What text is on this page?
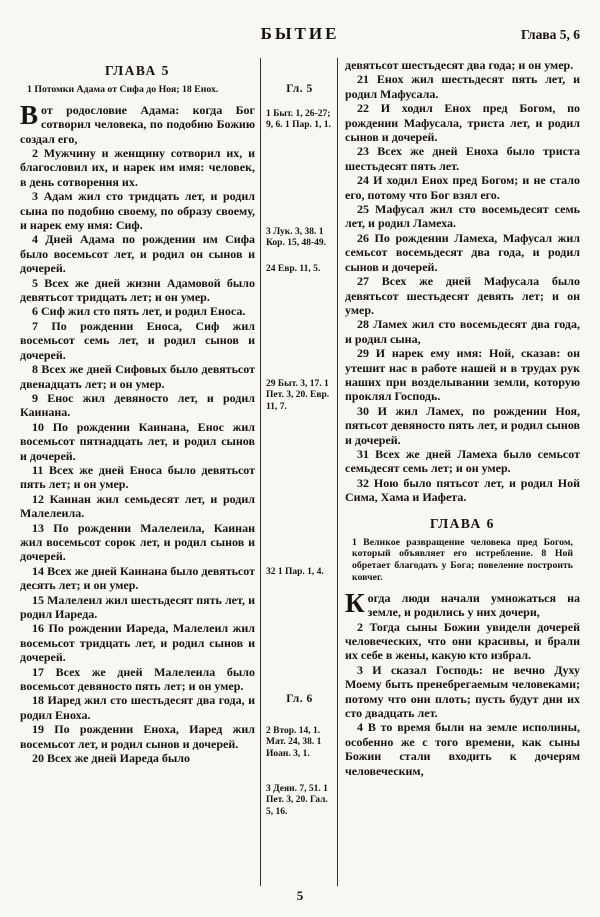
БЫТИЕ	Глава 5, 6
ГЛАВА 5

1 Потомки Адама от Сифа до Ноя; 18 Енох.

Вот родословие Адама: когда Бог сотворил человека, по подобию Божию создал его,

2 Мужчину и женщину сотворил их, и благословил их, и нарек им имя: человек, в день сотворения их.

3 Адам жил сто тридцать лет, и родил сына по подобию своему, по образу своему, и нарек ему имя: Сиф.

4 Дней Адама по рождении им Сифа было восемьсот лет, и родил он сынов и дочерей.

5 Всех же дней жизни Адамовой было девятьсот тридцать лет; и он умер.

6 Сиф жил сто пять лет, и родил Еноса.

7 По рождении Еноса, Сиф жил восемьсот семь лет, и родил сынов и дочерей.

8 Всех же дней Сифовых было девятьсот двенадцать лет; и он умер.

9 Енос жил девяносто лет, и родил Каинана.

10 По рождении Каинана, Енос жил восемьсот пятнадцать лет, и родил сынов и дочерей.

11 Всех же дней Еноса было девятьсот пять лет; и он умер.

12 Каинан жил семьдесят лет, и родил Малелеила.

13 По рождении Малелеила, Каинан жил восемьсот сорок лет, и родил сынов и дочерей.

14 Всех же дней Каинана было девятьсот десять лет; и он умер.

15 Малелеил жил шестьдесят пять лет, и родил Иареда.

16 По рождении Иареда, Малелеил жил восемьсот тридцать лет, и родил сынов и дочерей.

17 Всех же дней Малелеила было восемьсот девяносто пять лет; и он умер.

18 Иаред жил сто шестьдесят два года, и родил Еноха.

19 По рождении Еноха, Иаред жил восемьсот лет, и родил сынов и дочерей.

20 Всех же дней Иареда было

Гл. 5
1 Быт. 1, 26-27; 9, 6. 1 Пар. 1, 1.
3 Лук. 3, 38. 1 Кор. 15, 48-49.
24 Евр. 11, 5.
29 Быт. 3, 17. 1 Пет. 3, 20. Евр. 11, 7.
32 1 Пар. 1, 4.
Гл. 6
2 Втор. 14, 1. Мат. 24, 38. 1 Иоан. 3, 1.
3 Деян. 7, 51. 1 Пет. 3, 20. Гал. 5, 16.

девятьсот шестьдесят два года; и он умер.

21 Енох жил шестьдесят пять лет, и родил Мафусала.

22 И ходил Енох пред Богом, по рождении Мафусала, триста лет, и родил сынов и дочерей.

23 Всех же дней Еноха было триста шестьдесят пять лет.

24 И ходил Енох пред Богом; и не стало его, потому что Бог взял его.

25 Мафусал жил сто восемьдесят семь лет, и родил Ламеха.

26 По рождении Ламеха, Мафусал жил семьсот восемьдесят два года, и родил сынов и дочерей.

27 Всех же дней Мафусала было девятьсот шестьдесят девять лет; и он умер.

28 Ламех жил сто восемьдесят два года, и родил сына,

29 И нарек ему имя: Ной, сказав: он утешит нас в работе нашей и в трудах рук наших при возделывании земли, которую проклял Господь.

30 И жил Ламех, по рождении Ноя, пятьсот девяносто пять лет, и родил сынов и дочерей.

31 Всех же дней Ламеха было семьсот семьдесят семь лет; и он умер.

32 Ною было пятьсот лет, и родил Ной Сима, Хама и Иафета.

ГЛАВА 6

1 Великое развращение человека пред Богом, который объявляет его истребление. 8 Ной обретает благодать у Бога; повеление построить ковчег.

Когда люди начали умножаться на земле, и родились у них дочери,

2 Тогда сыны Божии увидели дочерей человеческих, что они красивы, и брали их себе в жены, какую кто избрал.

3 И сказал Господь: не вечно Духу Моему быть пренебрегаемым человеками; потому что они плоть; пусть будут дни их сто двадцать лет.

4 В то время были на земле исполины, особенно же с того времени, как сыны Божии стали входить к дочерям человеческим,

5
